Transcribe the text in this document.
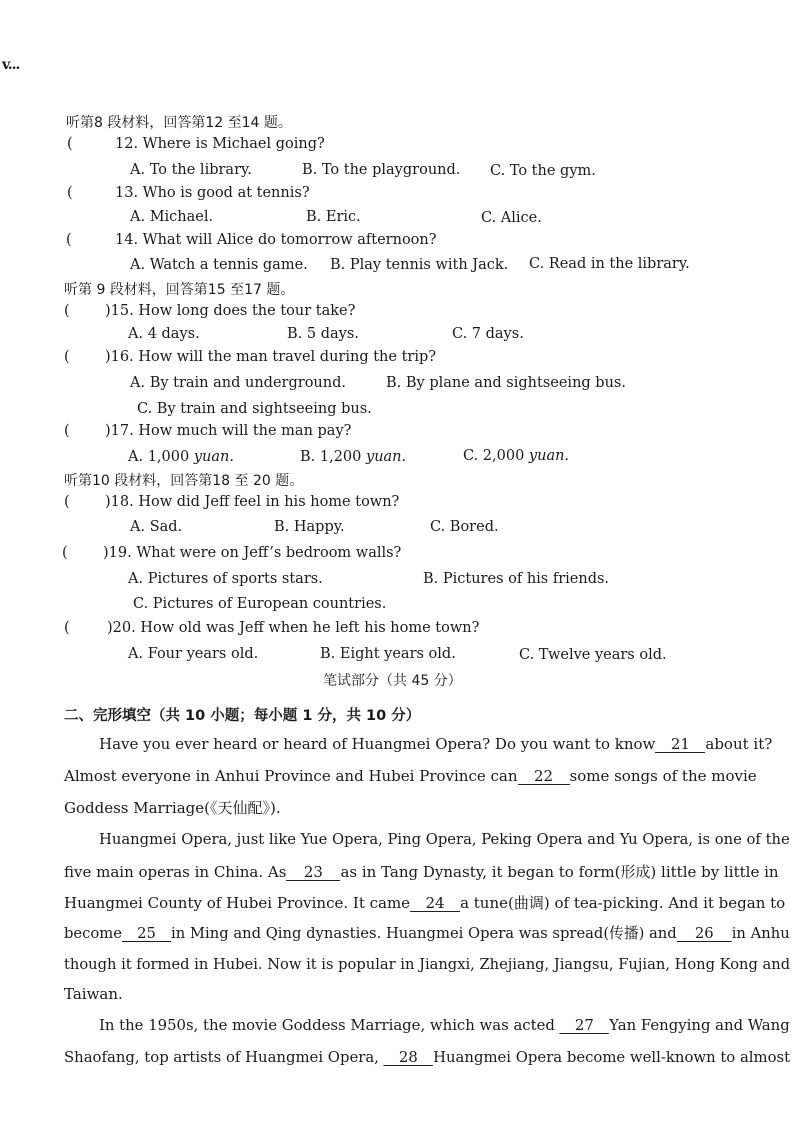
v...
听第8 段材料，回答第12 至14 题。
(	12. Where is Michael going?
A. To the library.	B. To the playground. C. To the gym.
(	13. Who is good at tennis?
A. Michael.	B. Eric.	C. Alice.
(	14. What will Alice do tomorrow afternoon?
A. Watch a tennis game. B. Play tennis with Jack. C. Read in the library.
听第 9 段材料，回答第15 至17 题。
( )15. How long does the tour take?
A. 4 days.	B. 5 days.	C. 7 days.
( )16. How will the man travel during the trip?
A. By train and underground.	B. By plane and sightseeing bus.
C. By train and sightseeing bus.
( )17. How much will the man pay?
A. 1,000 yuan.	B. 1,200 yuan.	C. 2,000 yuan.
听第10 段材料，回答第18 至 20 题。
( )18. How did Jeff feel in his home town?
A. Sad.	B. Happy.	C. Bored.
( )19. What were on Jeff’s bedroom walls?
A. Pictures of sports stars.	B. Pictures of his friends.
C. Pictures of European countries.
(	)20. How old was Jeff when he left his home town?
A. Four years old.	B. Eight years old.	C. Twelve years old.
笔试部分（共 45 分）
二、完形填空（共 10 小题；每小题 1 分，共 10 分）
Have you ever heard or heard of Huangmei Opera? Do you want to know 21 about it?
Almost everyone in Anhui Province and Hubei Province can 22 some songs of the movie
Goddess Marriage(《天仙配》).
Huangmei Opera, just like Yue Opera, Ping Opera, Peking Opera and Yu Opera, is one of the
five main operas in China. As 23 as in Tang Dynasty, it began to form(形成) little by little in
Huangmei County of Hubei Province. It came 24 a tune(曲调) of tea-picking. And it began to
become 25 in Ming and Qing dynasties. Huangmei Opera was spread(传播) and 26 in Anhu
though it formed in Hubei. Now it is popular in Jiangxi, Zhejiang, Jiangsu, Fujian, Hong Kong and
Taiwan.
In the 1950s, the movie Goddess Marriage, which was acted 27 Yan Fengying and Wang
Shaofang, top artists of Huangmei Opera, 28 Huangmei Opera become well-known to almost
